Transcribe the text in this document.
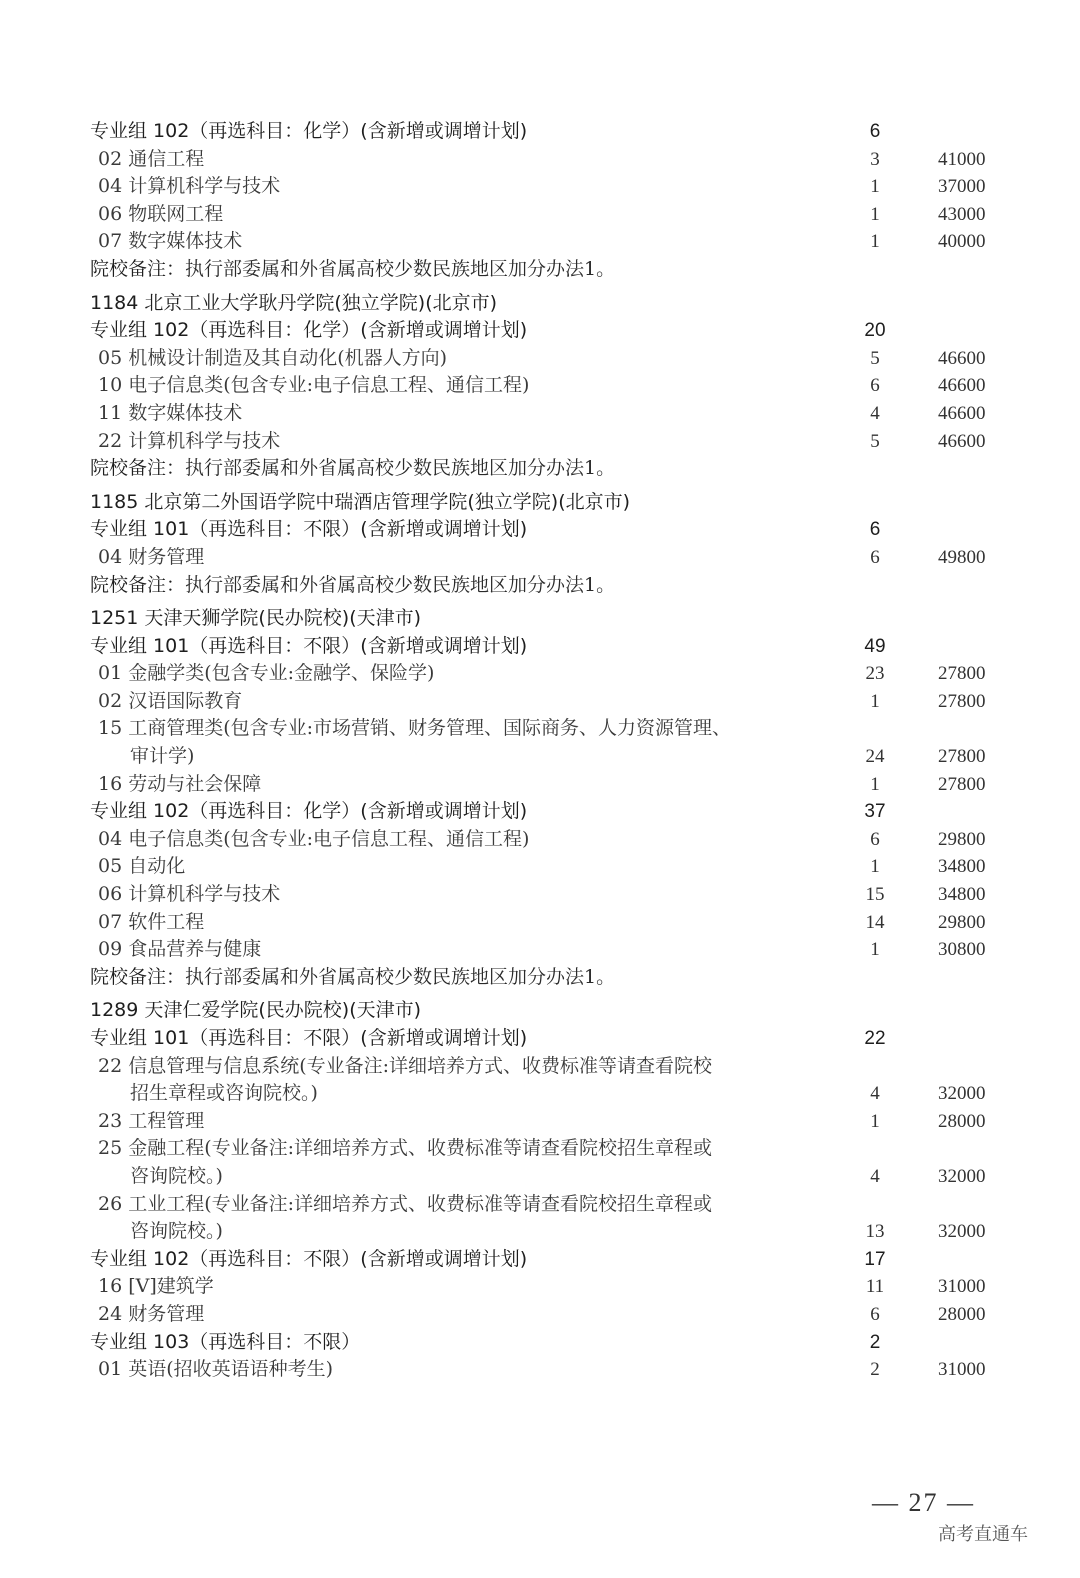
专业组 102（再选科目：化学）(含新增或调增计划)	6
02 通信工程	3	41000
04 计算机科学与技术	1	37000
06 物联网工程	1	43000
07 数字媒体技术	1	40000
院校备注：执行部委属和外省属高校少数民族地区加分办法1。
1184 北京工业大学耿丹学院(独立学院)(北京市)
专业组 102（再选科目：化学）(含新增或调增计划)	20
05 机械设计制造及其自动化(机器人方向)	5	46600
10 电子信息类(包含专业:电子信息工程、通信工程)	6	46600
11 数字媒体技术	4	46600
22 计算机科学与技术	5	46600
院校备注：执行部委属和外省属高校少数民族地区加分办法1。
1185 北京第二外国语学院中瑞酒店管理学院(独立学院)(北京市)
专业组 101（再选科目：不限）(含新增或调增计划)	6
04 财务管理	6	49800
院校备注：执行部委属和外省属高校少数民族地区加分办法1。
1251 天津天狮学院(民办院校)(天津市)
专业组 101（再选科目：不限）(含新增或调增计划)	49
01 金融学类(包含专业:金融学、保险学)	23	27800
02 汉语国际教育	1	27800
15 工商管理类(包含专业:市场营销、财务管理、国际商务、人力资源管理、
审计学)	24	27800
16 劳动与社会保障	1	27800
专业组 102（再选科目：化学）(含新增或调增计划)	37
04 电子信息类(包含专业:电子信息工程、通信工程)	6	29800
05 自动化	1	34800
06 计算机科学与技术	15	34800
07 软件工程	14	29800
09 食品营养与健康	1	30800
院校备注：执行部委属和外省属高校少数民族地区加分办法1。
1289 天津仁爱学院(民办院校)(天津市)
专业组 101（再选科目：不限）(含新增或调增计划)	22
22 信息管理与信息系统(专业备注:详细培养方式、收费标准等请查看院校
招生章程或咨询院校。)	4	32000
23 工程管理	1	28000
25 金融工程(专业备注:详细培养方式、收费标准等请查看院校招生章程或
咨询院校。)	4	32000
26 工业工程(专业备注:详细培养方式、收费标准等请查看院校招生章程或
咨询院校。)	13	32000
专业组 102（再选科目：不限）(含新增或调增计划)	17
16 [V]建筑学	11	31000
24 财务管理	6	28000
专业组 103（再选科目：不限）	2
01 英语(招收英语语种考生)	2	31000
— 27 —
高考直通车
